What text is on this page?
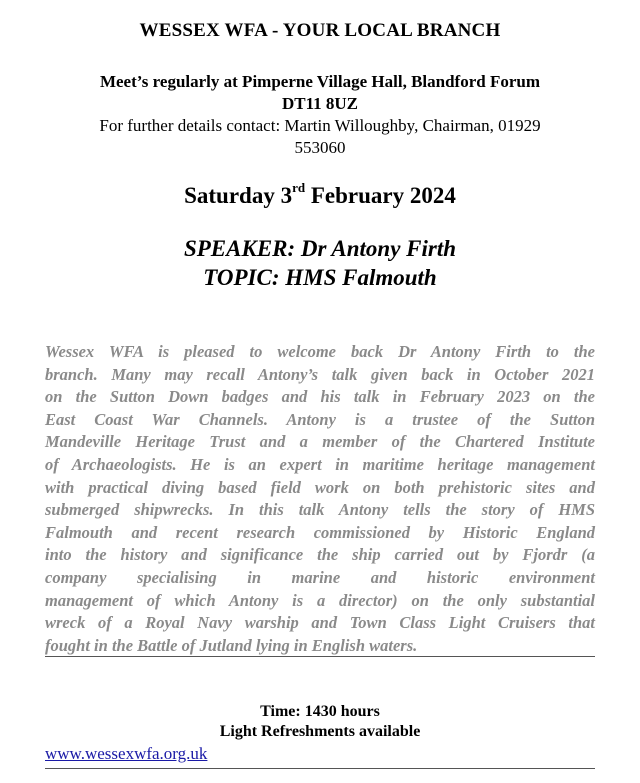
WESSEX WFA - YOUR LOCAL BRANCH
Meet’s regularly at Pimperne Village Hall, Blandford Forum
DT11 8UZ
For further details contact: Martin Willoughby, Chairman, 01929
553060
Saturday 3rd February 2024
SPEAKER: Dr Antony Firth
TOPIC: HMS Falmouth
Wessex WFA is pleased to welcome back Dr Antony Firth to the
branch. Many may recall Antony’s talk given back in October 2021
on the Sutton Down badges and his talk in February 2023 on the
East Coast War Channels. Antony is a trustee of the Sutton
Mandeville Heritage Trust and a member of the Chartered Institute
of Archaeologists. He is an expert in maritime heritage management
with practical diving based field work on both prehistoric sites and
submerged shipwrecks. In this talk Antony tells the story of HMS
Falmouth and recent research commissioned by Historic England
into the history and significance the ship carried out by Fjordr (a
company specialising in marine and historic environment
management of which Antony is a director) on the only substantial
wreck of a Royal Navy warship and Town Class Light Cruisers that
fought in the Battle of Jutland lying in English waters.
Time: 1430 hours
Light Refreshments available
www.wessexwfa.org.uk
